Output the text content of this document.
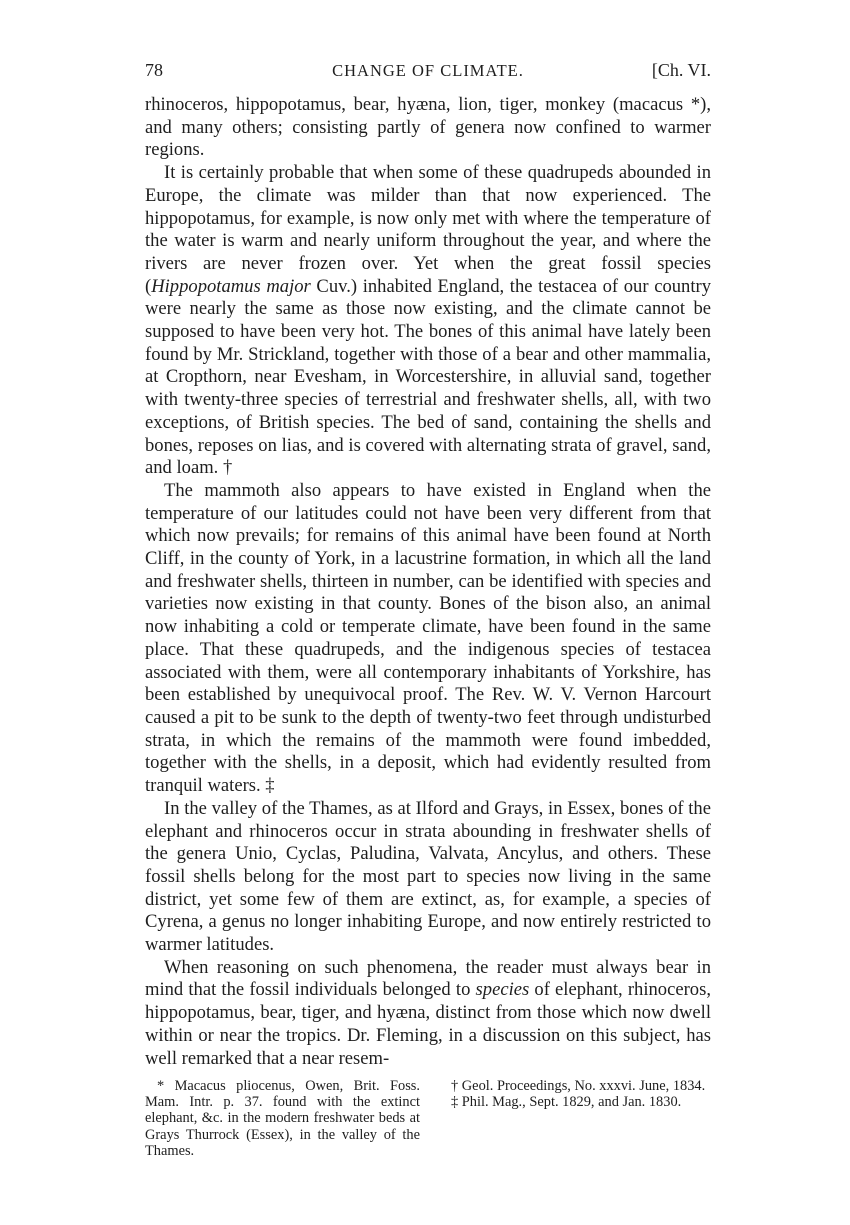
78	CHANGE OF CLIMATE.	[Ch. VI.

rhinoceros, hippopotamus, bear, hyæna, lion, tiger, monkey (macacus *), and many others; consisting partly of genera now confined to warmer regions.

It is certainly probable that when some of these quadrupeds abounded in Europe, the climate was milder than that now experienced. The hippopotamus, for example, is now only met with where the temperature of the water is warm and nearly uniform throughout the year, and where the rivers are never frozen over. Yet when the great fossil species (Hippopotamus major Cuv.) inhabited England, the testacea of our country were nearly the same as those now existing, and the climate cannot be supposed to have been very hot. The bones of this animal have lately been found by Mr. Strickland, together with those of a bear and other mammalia, at Cropthorn, near Evesham, in Worcestershire, in alluvial sand, together with twenty-three species of terrestrial and freshwater shells, all, with two exceptions, of British species. The bed of sand, containing the shells and bones, reposes on lias, and is covered with alternating strata of gravel, sand, and loam. †

The mammoth also appears to have existed in England when the temperature of our latitudes could not have been very different from that which now prevails; for remains of this animal have been found at North Cliff, in the county of York, in a lacustrine formation, in which all the land and freshwater shells, thirteen in number, can be identified with species and varieties now existing in that county. Bones of the bison also, an animal now inhabiting a cold or temperate climate, have been found in the same place. That these quadrupeds, and the indigenous species of testacea associated with them, were all contemporary inhabitants of Yorkshire, has been established by unequivocal proof. The Rev. W. V. Vernon Harcourt caused a pit to be sunk to the depth of twenty-two feet through undisturbed strata, in which the remains of the mammoth were found imbedded, together with the shells, in a deposit, which had evidently resulted from tranquil waters. ‡

In the valley of the Thames, as at Ilford and Grays, in Essex, bones of the elephant and rhinoceros occur in strata abounding in freshwater shells of the genera Unio, Cyclas, Paludina, Valvata, Ancylus, and others. These fossil shells belong for the most part to species now living in the same district, yet some few of them are extinct, as, for example, a species of Cyrena, a genus no longer inhabiting Europe, and now entirely restricted to warmer latitudes.

When reasoning on such phenomena, the reader must always bear in mind that the fossil individuals belonged to species of elephant, rhinoceros, hippopotamus, bear, tiger, and hyæna, distinct from those which now dwell within or near the tropics. Dr. Fleming, in a discussion on this subject, has well remarked that a near resem-

* Macacus pliocenus, Owen, Brit. Foss. Mam. Intr. p. 37. found with the extinct elephant, &c. in the modern freshwater beds at Grays Thurrock (Essex), in the valley of the Thames.

† Geol. Proceedings, No. xxxvi. June, 1834.

‡ Phil. Mag., Sept. 1829, and Jan. 1830.
